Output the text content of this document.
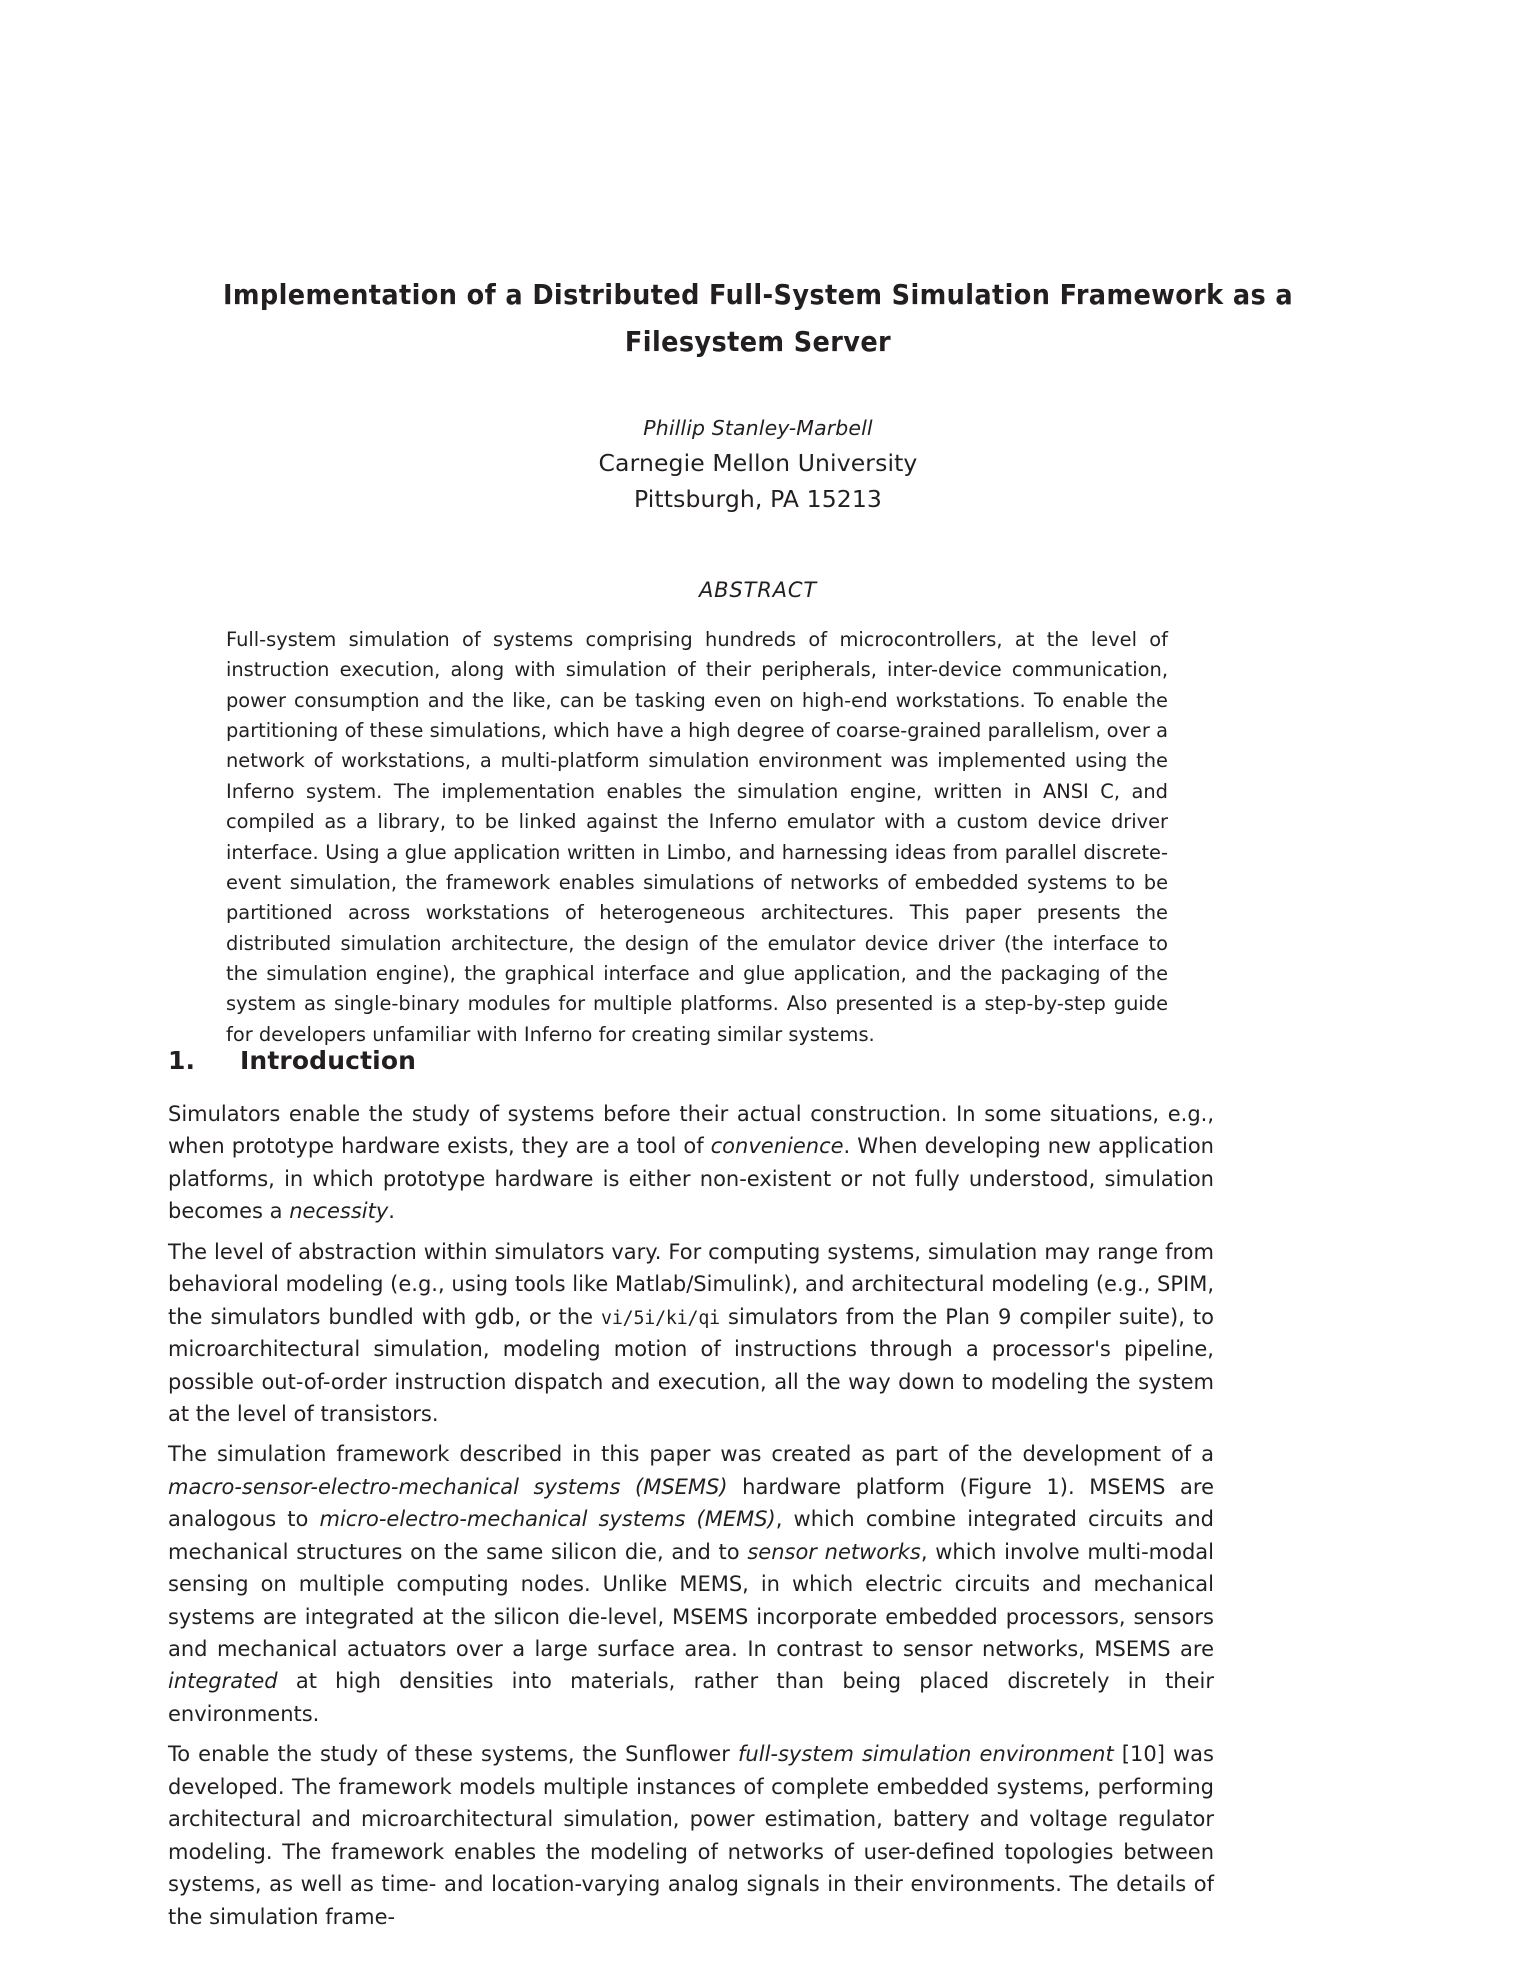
Implementation of a Distributed Full-System Simulation Framework as a
Filesystem Server
Phillip Stanley-Marbell
Carnegie Mellon University
Pittsburgh, PA 15213
ABSTRACT
Full-system simulation of systems comprising hundreds of microcontrollers, at the level of instruction execution, along with simulation of their peripherals, inter-device communication, power consumption and the like, can be tasking even on high-end workstations. To enable the partitioning of these simulations, which have a high degree of coarse-grained parallelism, over a network of workstations, a multi-platform simulation environment was implemented using the Inferno system. The implementation enables the simulation engine, written in ANSI C, and compiled as a library, to be linked against the Inferno emulator with a custom device driver interface. Using a glue application written in Limbo, and harnessing ideas from parallel discrete-event simulation, the framework enables simulations of networks of embedded systems to be partitioned across workstations of heterogeneous architectures. This paper presents the distributed simulation architecture, the design of the emulator device driver (the interface to the simulation engine), the graphical interface and glue application, and the packaging of the system as single-binary modules for multiple platforms. Also presented is a step-by-step guide for developers unfamiliar with Inferno for creating similar systems.
1. Introduction

Simulators enable the study of systems before their actual construction. In some situations, e.g., when prototype hardware exists, they are a tool of convenience. When developing new application platforms, in which prototype hardware is either non-existent or not fully understood, simulation becomes a necessity.

The level of abstraction within simulators vary. For computing systems, simulation may range from behavioral modeling (e.g., using tools like Matlab/Simulink), and architectural modeling (e.g., SPIM, the simulators bundled with gdb, or the vi/5i/ki/qi simulators from the Plan 9 compiler suite), to microarchitectural simulation, modeling motion of instructions through a processor's pipeline, possible out-of-order instruction dispatch and execution, all the way down to modeling the system at the level of transistors.

The simulation framework described in this paper was created as part of the development of a macro-sensor-electro-mechanical systems (MSEMS) hardware platform (Figure 1). MSEMS are analogous to micro-electro-mechanical systems (MEMS), which combine integrated circuits and mechanical structures on the same silicon die, and to sensor networks, which involve multi-modal sensing on multiple computing nodes. Unlike MEMS, in which electric circuits and mechanical systems are integrated at the silicon die-level, MSEMS incorporate embedded processors, sensors and mechanical actuators over a large surface area. In contrast to sensor networks, MSEMS are integrated at high densities into materials, rather than being placed discretely in their environments.

To enable the study of these systems, the Sunflower full-system simulation environment [10] was developed. The framework models multiple instances of complete embedded systems, performing architectural and microarchitectural simulation, power estimation, battery and voltage regulator modeling. The framework enables the modeling of networks of user-defined topologies between systems, as well as time- and location-varying analog signals in their environments. The details of the simulation frame-
